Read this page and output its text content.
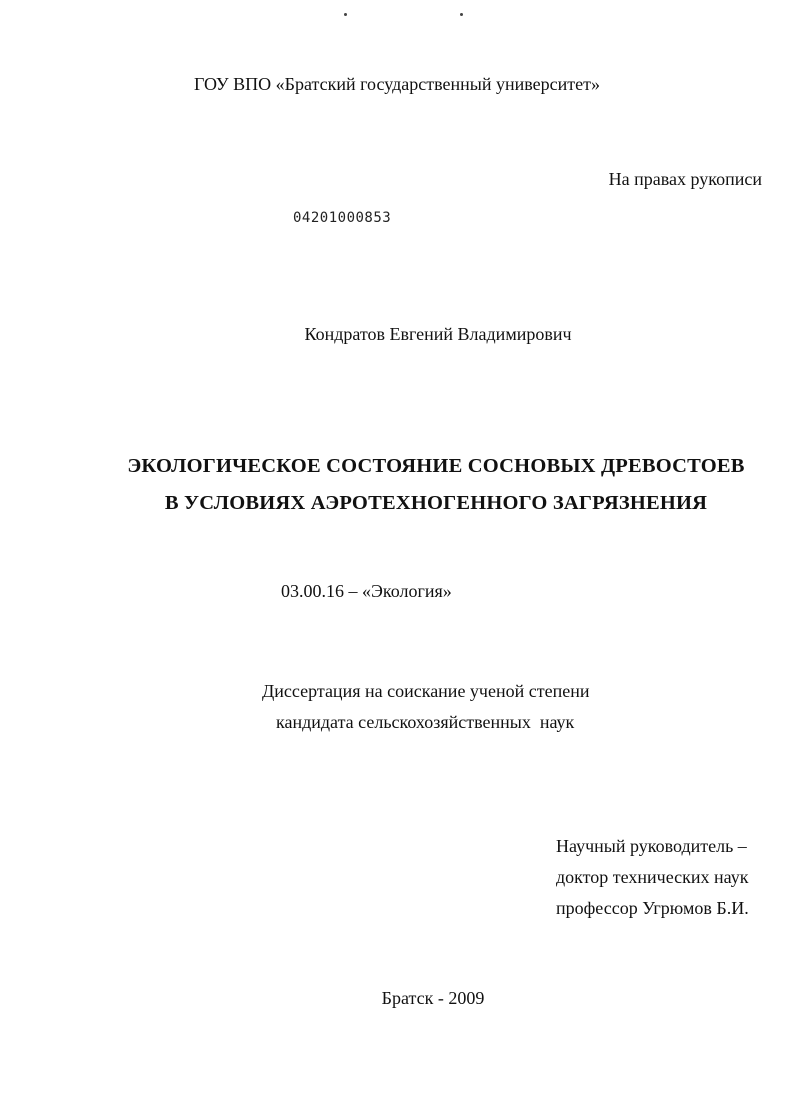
ГОУ ВПО «Братский государственный университет»
На правах рукописи
04201000853
Кондратов Евгений Владимирович
ЭКОЛОГИЧЕСКОЕ СОСТОЯНИЕ СОСНОВЫХ ДРЕВОСТОЕВ
В УСЛОВИЯХ АЭРОТЕХНОГЕННОГО ЗАГРЯЗНЕНИЯ
03.00.16 – «Экология»
Диссертация на соискание ученой степени
кандидата сельскохозяйственных  наук
Научный руководитель –
доктор технических наук
профессор Угрюмов Б.И.
Братск - 2009
